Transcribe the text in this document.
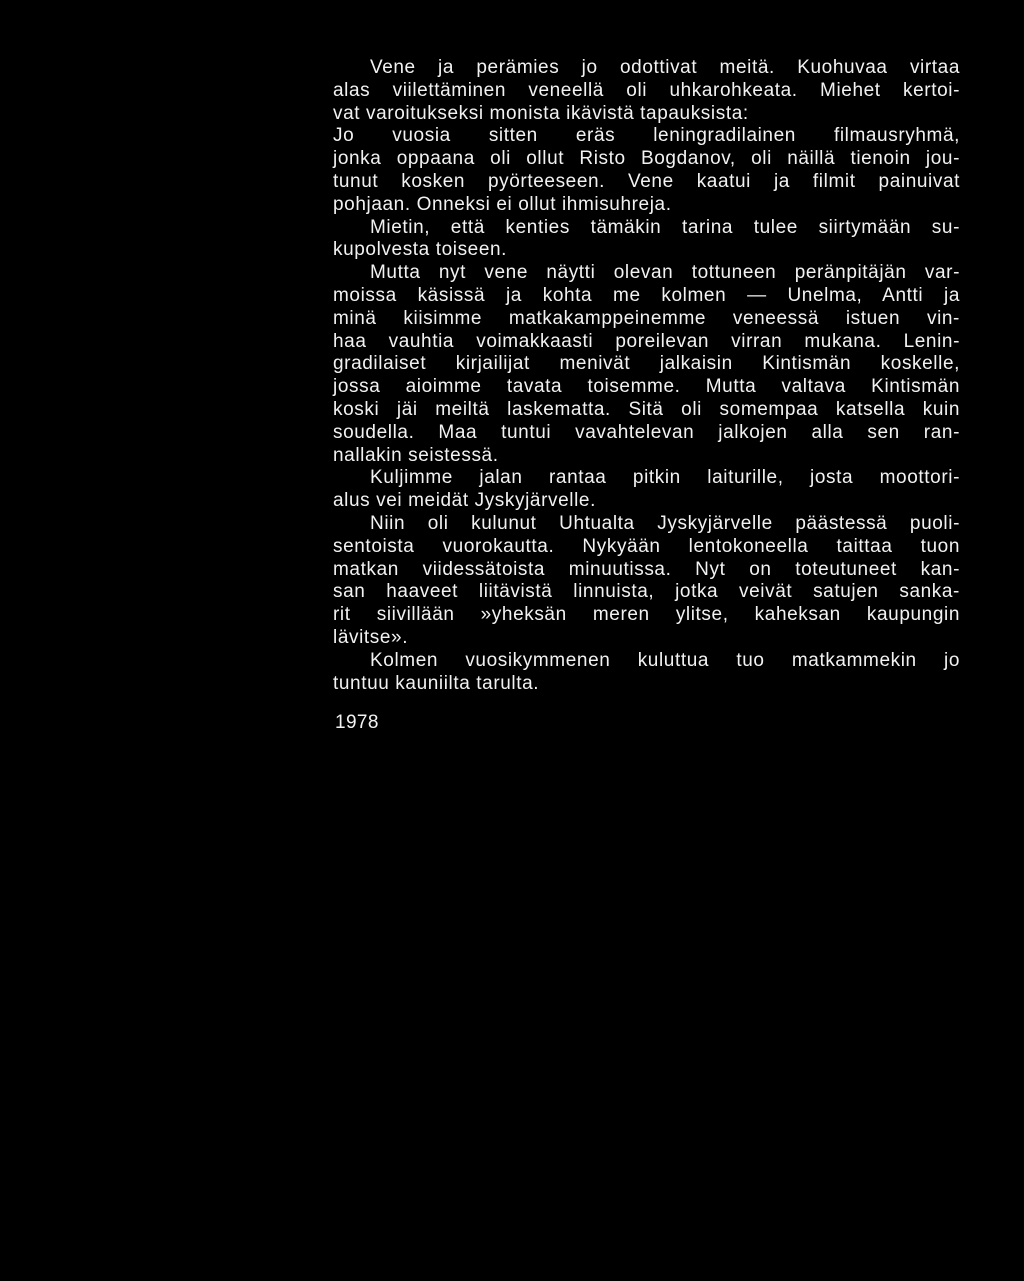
Vene ja perämies jo odottivat meitä. Kuohuvaa virtaa
alas viilettäminen veneellä oli uhkarohkeata. Miehet kertoi-
vat varoitukseksi monista ikävistä tapauksista:
Jo vuosia sitten eräs leningradilainen filmausryhmä,
jonka oppaana oli ollut Risto Bogdanov, oli näillä tienoin jou-
tunut kosken pyörteeseen. Vene kaatui ja filmit painuivat
pohjaan. Onneksi ei ollut ihmisuhreja.
Mietin, että kenties tämäkin tarina tulee siirtymään su-
kupolvesta toiseen.
Mutta nyt vene näytti olevan tottuneen peränpitäjän var-
moissa käsissä ja kohta me kolmen — Unelma, Antti ja
minä kiisimme matkakamppeinemme veneessä istuen vin-
haa vauhtia voimakkaasti poreilevan virran mukana. Lenin-
gradilaiset kirjailijat menivät jalkaisin Kintismän koskelle,
jossa aioimme tavata toisemme. Mutta valtava Kintismän
koski jäi meiltä laskematta. Sitä oli somempaa katsella kuin
soudella. Maa tuntui vavahtelevan jalkojen alla sen ran-
nallakin seistessä.
Kuljimme jalan rantaa pitkin laiturille, josta moottori-
alus vei meidät Jyskyjärvelle.
Niin oli kulunut Uhtualta Jyskyjärvelle päästessä puoli-
sentoista vuorokautta. Nykyään lentokoneella taittaa tuon
matkan viidessätoista minuutissa. Nyt on toteutuneet kan-
san haaveet liitävistä linnuista, jotka veivät satujen sanka-
rit siivillään »yheksän meren ylitse, kaheksan kaupungin
lävitse».
Kolmen vuosikymmenen kuluttua tuo matkammekin jo
tuntuu kauniilta tarulta.
1978
